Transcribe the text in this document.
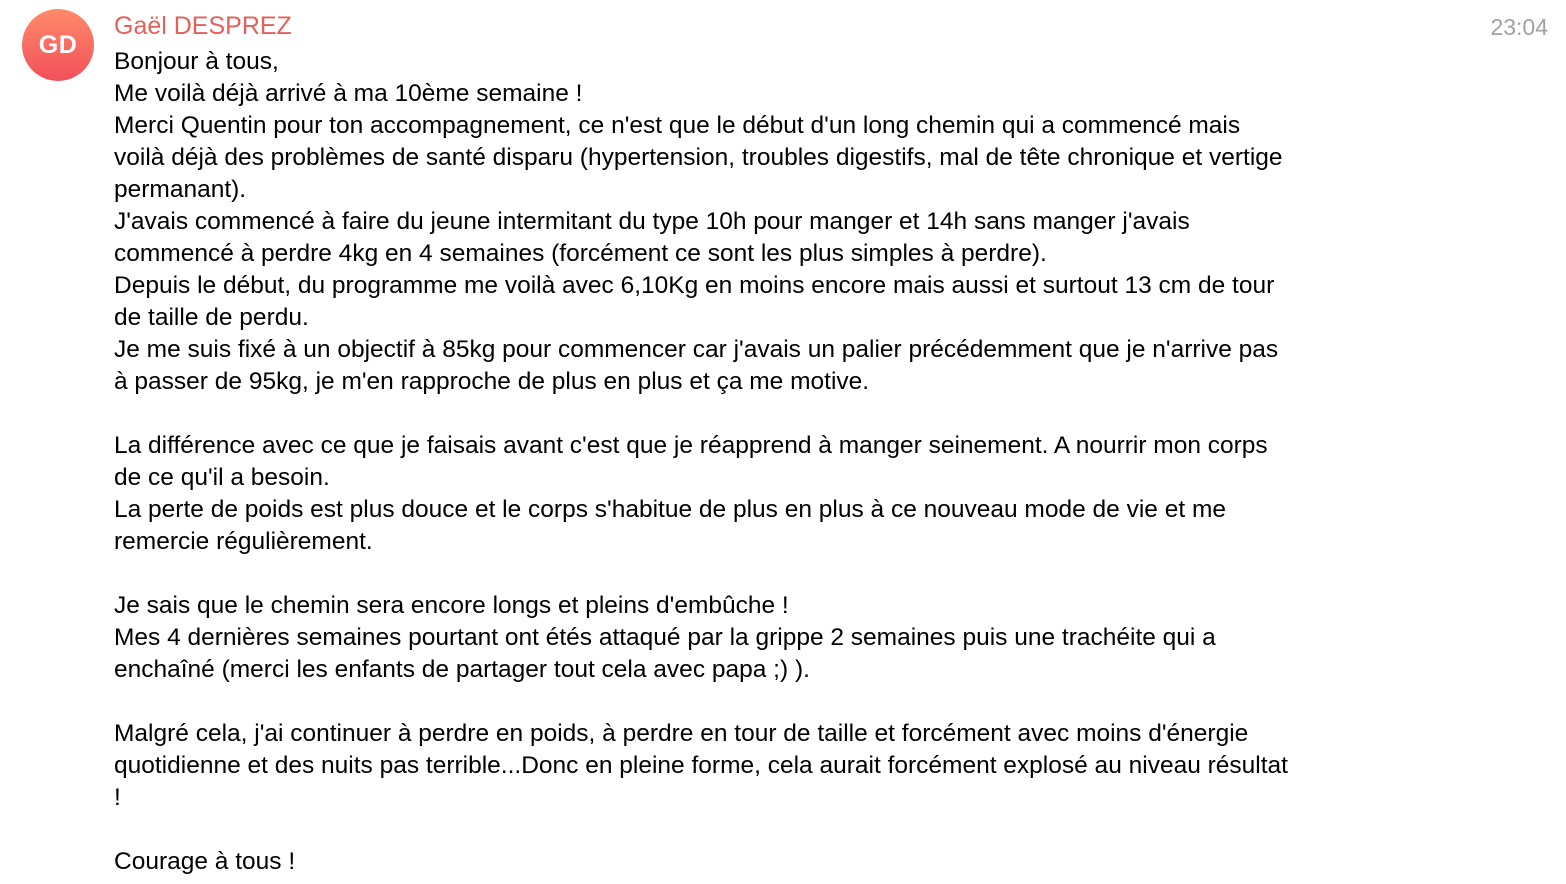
GD
Gaël DESPREZ	23:04
Bonjour à tous,
Me voilà déjà arrivé à ma 10ème semaine !
Merci Quentin pour ton accompagnement, ce n'est que le début d'un long chemin qui a commencé mais
voilà déjà des problèmes de santé disparu (hypertension, troubles digestifs, mal de tête chronique et vertige
permanant).
J'avais commencé à faire du jeune intermitant du type 10h pour manger et 14h sans manger j'avais
commencé à perdre 4kg en 4 semaines (forcément ce sont les plus simples à perdre).
Depuis le début, du programme me voilà avec 6,10Kg en moins encore mais aussi et surtout 13 cm de tour
de taille de perdu.
Je me suis fixé à un objectif à 85kg pour commencer car j'avais un palier précédemment que je n'arrive pas
à passer de 95kg, je m'en rapproche de plus en plus et ça me motive.
La différence avec ce que je faisais avant c'est que je réapprend à manger seinement. A nourrir mon corps
de ce qu'il a besoin.
La perte de poids est plus douce et le corps s'habitue de plus en plus à ce nouveau mode de vie et me
remercie régulièrement.
Je sais que le chemin sera encore longs et pleins d'embûche !
Mes 4 dernières semaines pourtant ont étés attaqué par la grippe 2 semaines puis une trachéite qui a
enchaîné (merci les enfants de partager tout cela avec papa ;) ).
Malgré cela, j'ai continuer à perdre en poids, à perdre en tour de taille et forcément avec moins d'énergie
quotidienne et des nuits pas terrible...Donc en pleine forme, cela aurait forcément explosé au niveau résultat
!
Courage à tous !
